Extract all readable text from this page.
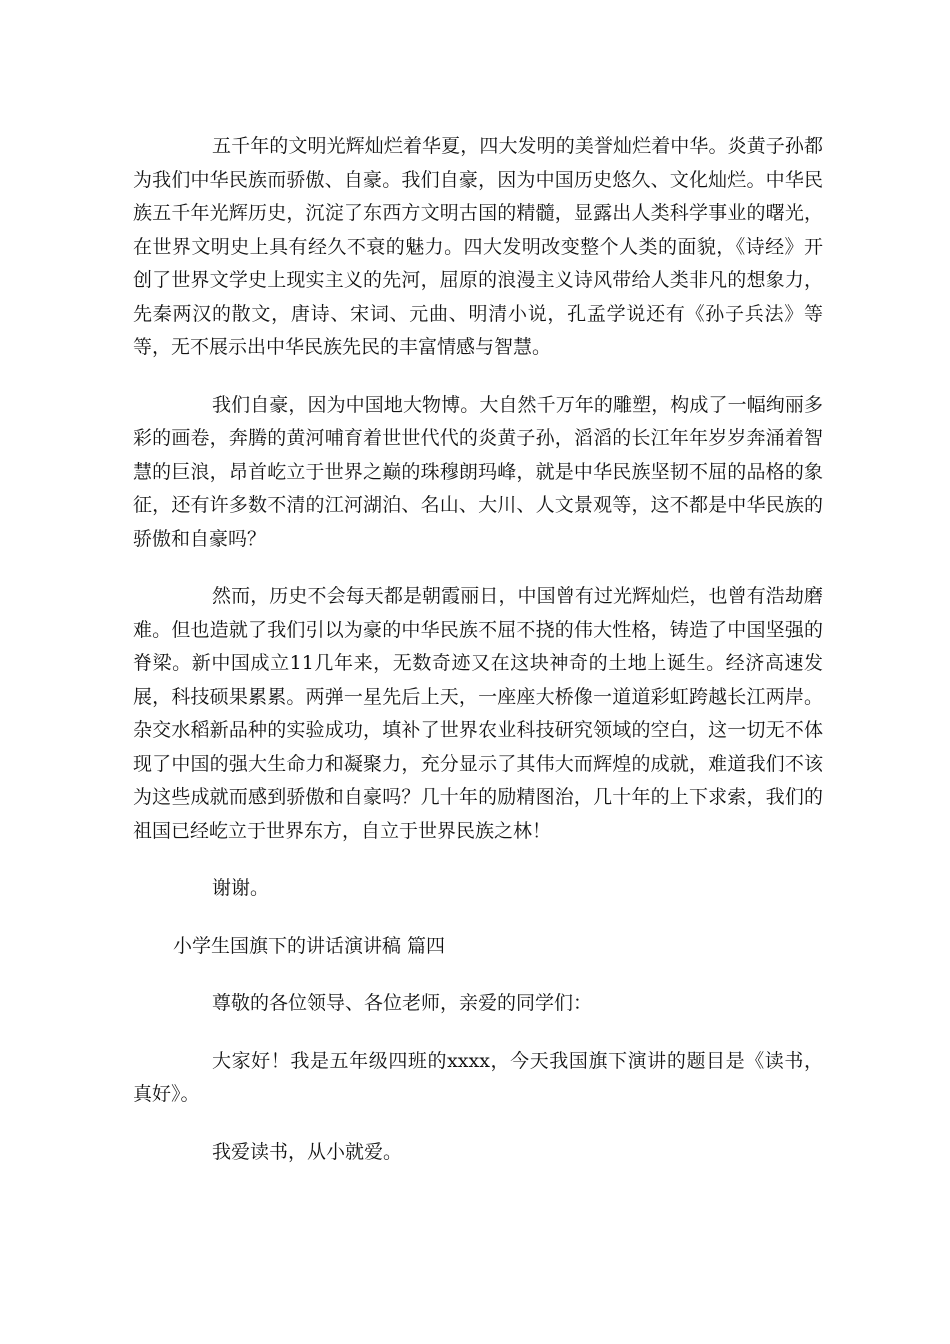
五千年的文明光辉灿烂着华夏，四大发明的美誉灿烂着中华。炎黄子孙都为我们中华民族而骄傲、自豪。我们自豪，因为中国历史悠久、文化灿烂。中华民族五千年光辉历史，沉淀了东西方文明古国的精髓，显露出人类科学事业的曙光，在世界文明史上具有经久不衰的魅力。四大发明改变整个人类的面貌，《诗经》开创了世界文学史上现实主义的先河，屈原的浪漫主义诗风带给人类非凡的想象力，先秦两汉的散文，唐诗、宋词、元曲、明清小说，孔孟学说还有《孙子兵法》等等，无不展示出中华民族先民的丰富情感与智慧。

我们自豪，因为中国地大物博。大自然千万年的雕塑，构成了一幅绚丽多彩的画卷，奔腾的黄河哺育着世世代代的炎黄子孙，滔滔的长江年年岁岁奔涌着智慧的巨浪，昂首屹立于世界之巅的珠穆朗玛峰，就是中华民族坚韧不屈的品格的象征，还有许多数不清的江河湖泊、名山、大川、人文景观等，这不都是中华民族的骄傲和自豪吗？

然而，历史不会每天都是朝霞丽日，中国曾有过光辉灿烂，也曾有浩劫磨难。但也造就了我们引以为豪的中华民族不屈不挠的伟大性格，铸造了中国坚强的脊梁。新中国成立11几年来，无数奇迹又在这块神奇的土地上诞生。经济高速发展，科技硕果累累。两弹一星先后上天，一座座大桥像一道道彩虹跨越长江两岸。杂交水稻新品种的实验成功，填补了世界农业科技研究领域的空白，这一切无不体现了中国的强大生命力和凝聚力，充分显示了其伟大而辉煌的成就，难道我们不该为这些成就而感到骄傲和自豪吗？几十年的励精图治，几十年的上下求索，我们的祖国已经屹立于世界东方，自立于世界民族之林！

谢谢。

小学生国旗下的讲话演讲稿 篇四

尊敬的各位领导、各位老师，亲爱的同学们：

大家好！我是五年级四班的xxxx，今天我国旗下演讲的题目是《读书，真好》。

我爱读书，从小就爱。
